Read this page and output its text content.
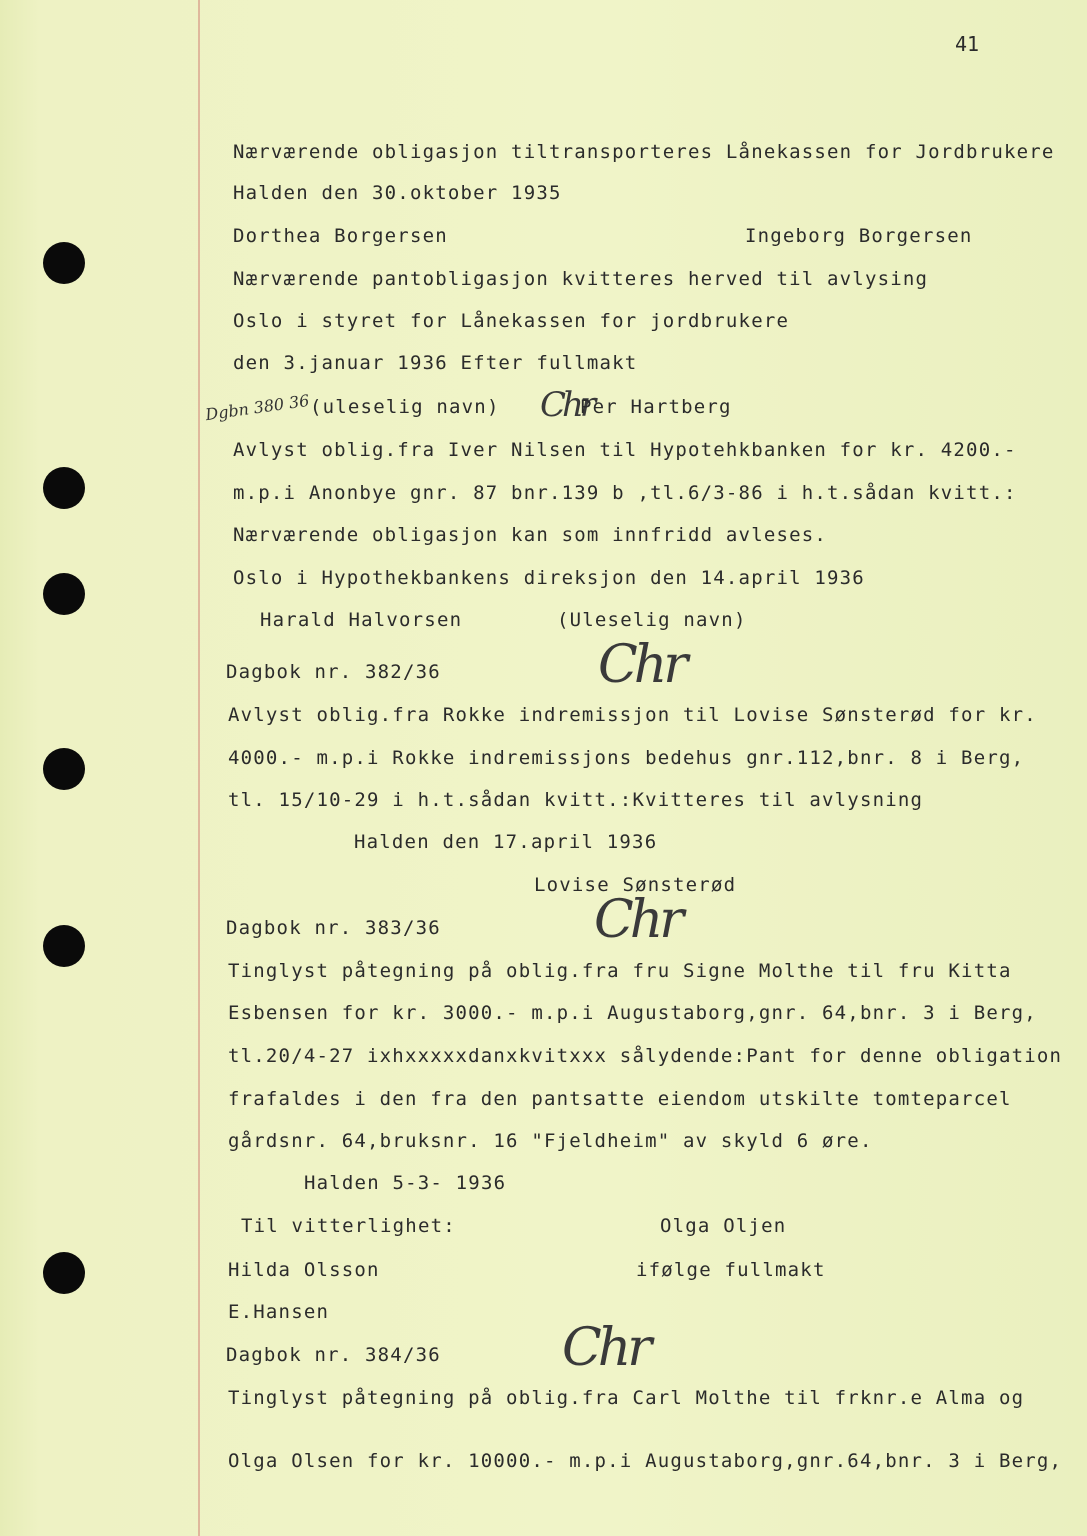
41
Nærværende obligasjon tiltransporteres Lånekassen for Jordbrukere
Halden den 30.oktober 1935
Dorthea Borgersen	Ingeborg Borgersen
Nærværende pantobligasjon kvitteres herved til avlysing
Oslo i styret for Lånekassen for jordbrukere
den 3.januar 1936 Efter fullmakt
Dgbn 380 36 (uleselig navn) Chr
Per Hartberg
Avlyst oblig.fra Iver Nilsen til Hypotehkbanken for kr. 4200.-
m.p.i Anonbye gnr. 87 bnr.139 b ,tl.6/3-86 i h.t.sådan kvitt.:
Nærværende obligasjon kan som innfridd avleses.
Oslo i Hypothekbankens direksjon den 14.april 1936
Harald Halvorsen	(Uleselig navn)
Dagbok nr. 382/36	Chr
Avlyst oblig.fra Rokke indremissjon til Lovise Sønsterød for kr.
4000.- m.p.i Rokke indremissjons bedehus gnr.112,bnr. 8 i Berg,
tl. 15/10-29 i h.t.sådan kvitt.:Kvitteres til avlysning
Halden den 17.april 1936
Lovise Sønsterød
Dagbok nr. 383/36	Chr
Tinglyst påtegning på oblig.fra fru Signe Molthe til fru Kitta
Esbensen for kr. 3000.- m.p.i Augustaborg,gnr. 64,bnr. 3 i Berg,
tl.20/4-27 ixhxxxxxdanxkvitxxx sålydende:Pant for denne obligation
frafaldes i den fra den pantsatte eiendom utskilte tomteparcel
gårdsnr. 64,bruksnr. 16 "Fjeldheim" av skyld 6 øre.
Halden 5-3- 1936
Til vitterlighet:	Olga Oljen
Hilda Olsson	ifølge fullmakt
E.Hansen
Dagbok nr. 384/36 Chr
Tinglyst påtegning på oblig.fra Carl Molthe til frknr.e Alma og
Olga Olsen for kr. 10000.- m.p.i Augustaborg,gnr.64,bnr. 3 i Berg,
